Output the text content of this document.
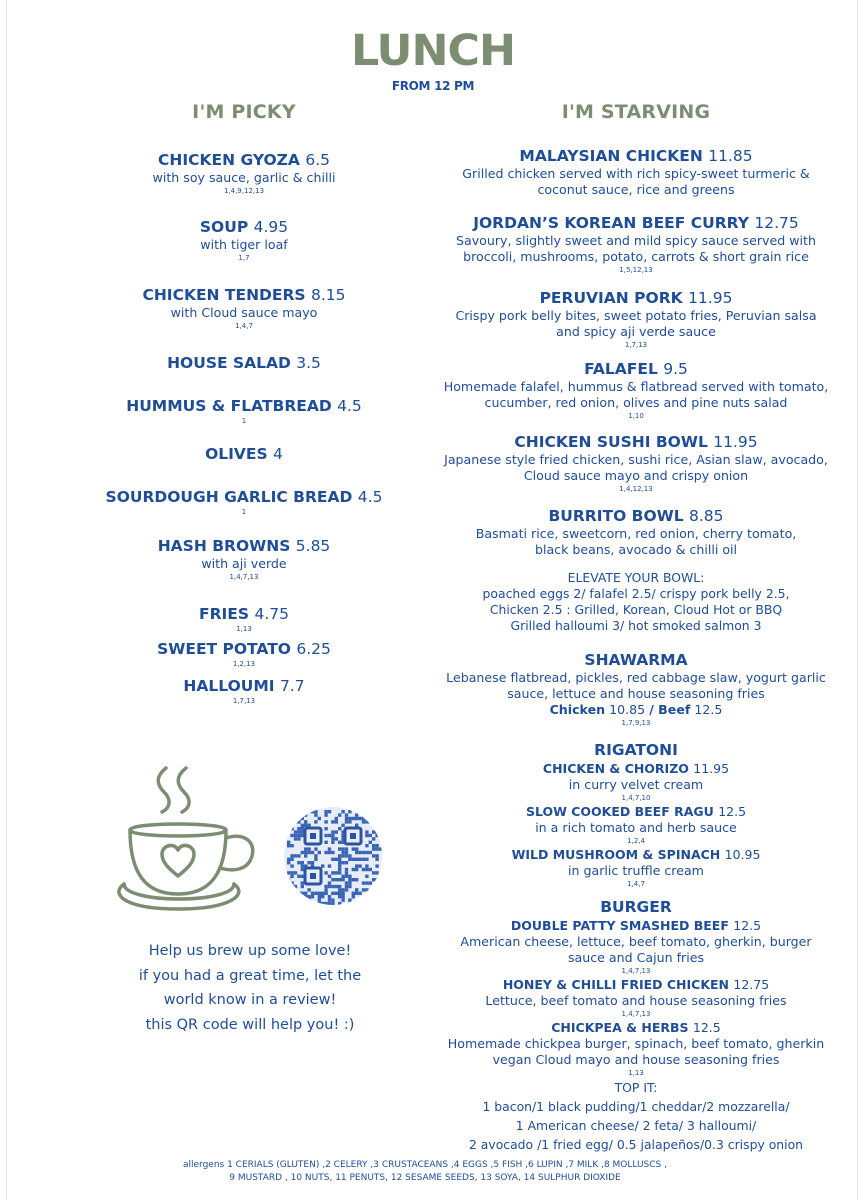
LUNCH
FROM 12 PM
I'M PICKY
CHICKEN GYOZA 6.5
with soy sauce, garlic & chilli
1,4,9,12,13
SOUP 4.95
with tiger loaf
1,7
CHICKEN TENDERS 8.15
with Cloud sauce mayo
1,4,7
HOUSE SALAD 3.5
HUMMUS & FLATBREAD 4.5
1
OLIVES 4
SOURDOUGH GARLIC BREAD 4.5
1
HASH BROWNS 5.85
with aji verde
1,4,7,13
FRIES 4.75
1,13
SWEET POTATO 6.25
1,2,13
HALLOUMI 7.7
1,7,13
Help us brew up some love!
if you had a great time, let the
world know in a review!
this QR code will help you! :)
I'M STARVING
MALAYSIAN CHICKEN 11.85
Grilled chicken served with rich spicy-sweet turmeric &
coconut sauce, rice and greens
JORDAN’S KOREAN BEEF CURRY 12.75
Savoury, slightly sweet and mild spicy sauce served with
broccoli, mushrooms, potato, carrots & short grain rice
1,5,12,13
PERUVIAN PORK 11.95
Crispy pork belly bites, sweet potato fries, Peruvian salsa
and spicy aji verde sauce
1,7,13
FALAFEL 9.5
Homemade falafel, hummus & flatbread served with tomato,
cucumber, red onion, olives and pine nuts salad
1,10
CHICKEN SUSHI BOWL 11.95
Japanese style fried chicken, sushi rice, Asian slaw, avocado,
Cloud sauce mayo and crispy onion
1,4,12,13
BURRITO BOWL 8.85
Basmati rice, sweetcorn, red onion, cherry tomato,
black beans, avocado & chilli oil
ELEVATE YOUR BOWL:
poached eggs 2/ falafel 2.5/ crispy pork belly 2.5,
Chicken 2.5 : Grilled, Korean, Cloud Hot or BBQ
Grilled halloumi 3/ hot smoked salmon 3
SHAWARMA
Lebanese flatbread, pickles, red cabbage slaw, yogurt garlic
sauce, lettuce and house seasoning fries
Chicken 10.85 / Beef 12.5
1,7,9,13
RIGATONI
CHICKEN & CHORIZO 11.95
in curry velvet cream
1,4,7,10
SLOW COOKED BEEF RAGU 12.5
in a rich tomato and herb sauce
1,2,4
WILD MUSHROOM & SPINACH 10.95
in garlic truffle cream
1,4,7
BURGER
DOUBLE PATTY SMASHED BEEF 12.5
American cheese, lettuce, beef tomato, gherkin, burger
sauce and Cajun fries
1,4,7,13
HONEY & CHILLI FRIED CHICKEN 12.75
Lettuce, beef tomato and house seasoning fries
1,4,7,13
CHICKPEA & HERBS 12.5
Homemade chickpea burger, spinach, beef tomato, gherkin
vegan Cloud mayo and house seasoning fries
1,13
TOP IT:
1 bacon/1 black pudding/1 cheddar/2 mozzarella/
1 American cheese/ 2 feta/ 3 halloumi/
2 avocado /1 fried egg/ 0.5 jalapeños/0.3 crispy onion
allergens 1 CERIALS (GLUTEN) ,2 CELERY ,3 CRUSTACEANS ,4 EGGS ,5 FISH ,6 LUPIN ,7 MILK ,8 MOLLUSCS ,
9 MUSTARD , 10 NUTS, 11 PENUTS, 12 SESAME SEEDS, 13 SOYA, 14 SULPHUR DIOXIDE
